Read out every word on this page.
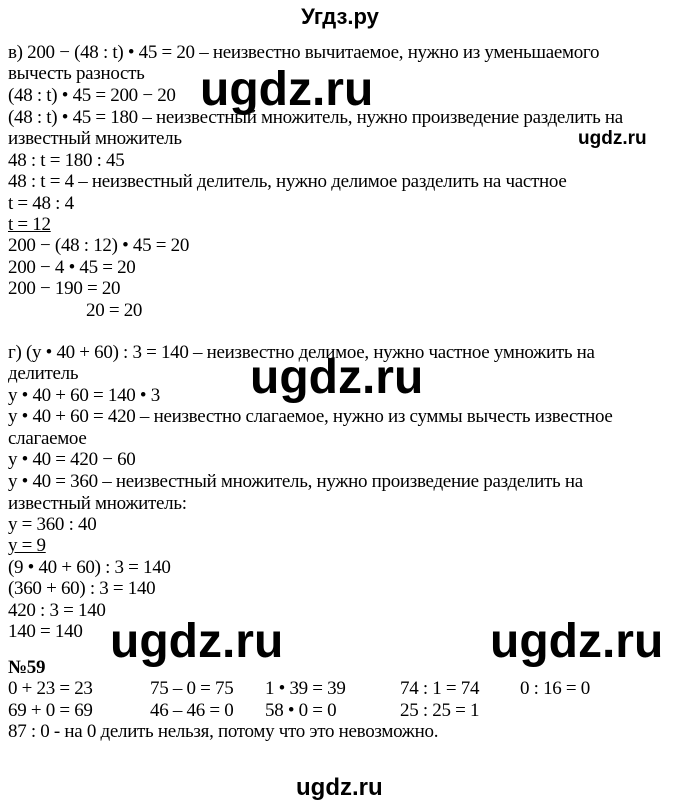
Угдз.ру
в) 200 − (48 : t) • 45 = 20 – неизвестно вычитаемое, нужно из уменьшаемого
вычесть разность
(48 : t) • 45 = 200 − 20
(48 : t) • 45 = 180 – неизвестный множитель, нужно произведение разделить на
известный множитель
48 : t = 180 : 45
48 : t = 4 – неизвестный делитель, нужно делимое разделить на частное
t = 48 : 4
t = 12
200 − (48 : 12) • 45 = 20
200 − 4 • 45 = 20
200 − 190 = 20
20 = 20
г) (y • 40 + 60) : 3 = 140 – неизвестно делимое, нужно частное умножить на
делитель
y • 40 + 60 = 140 • 3
y • 40 + 60 = 420 – неизвестно слагаемое, нужно из суммы вычесть известное
слагаемое
y • 40 = 420 − 60
y • 40 = 360 – неизвестный множитель, нужно произведение разделить на
известный множитель:
y = 360 : 40
y = 9
(9 • 40 + 60) : 3 = 140
(360 + 60) : 3 = 140
420 : 3 = 140
140 = 140
№59
0 + 23 = 23	75 – 0 = 75 1 • 39 = 39	74 : 1 = 74 0 : 16 = 0
69 + 0 = 69	46 – 46 = 0 58 • 0 = 0	25 : 25 = 1
87 : 0 - на 0 делить нельзя, потому что это невозможно.
ugdz.ru
ugdz.ru
ugdz.ru
ugdz.ru	ugdz.ru
ugdz.ru
